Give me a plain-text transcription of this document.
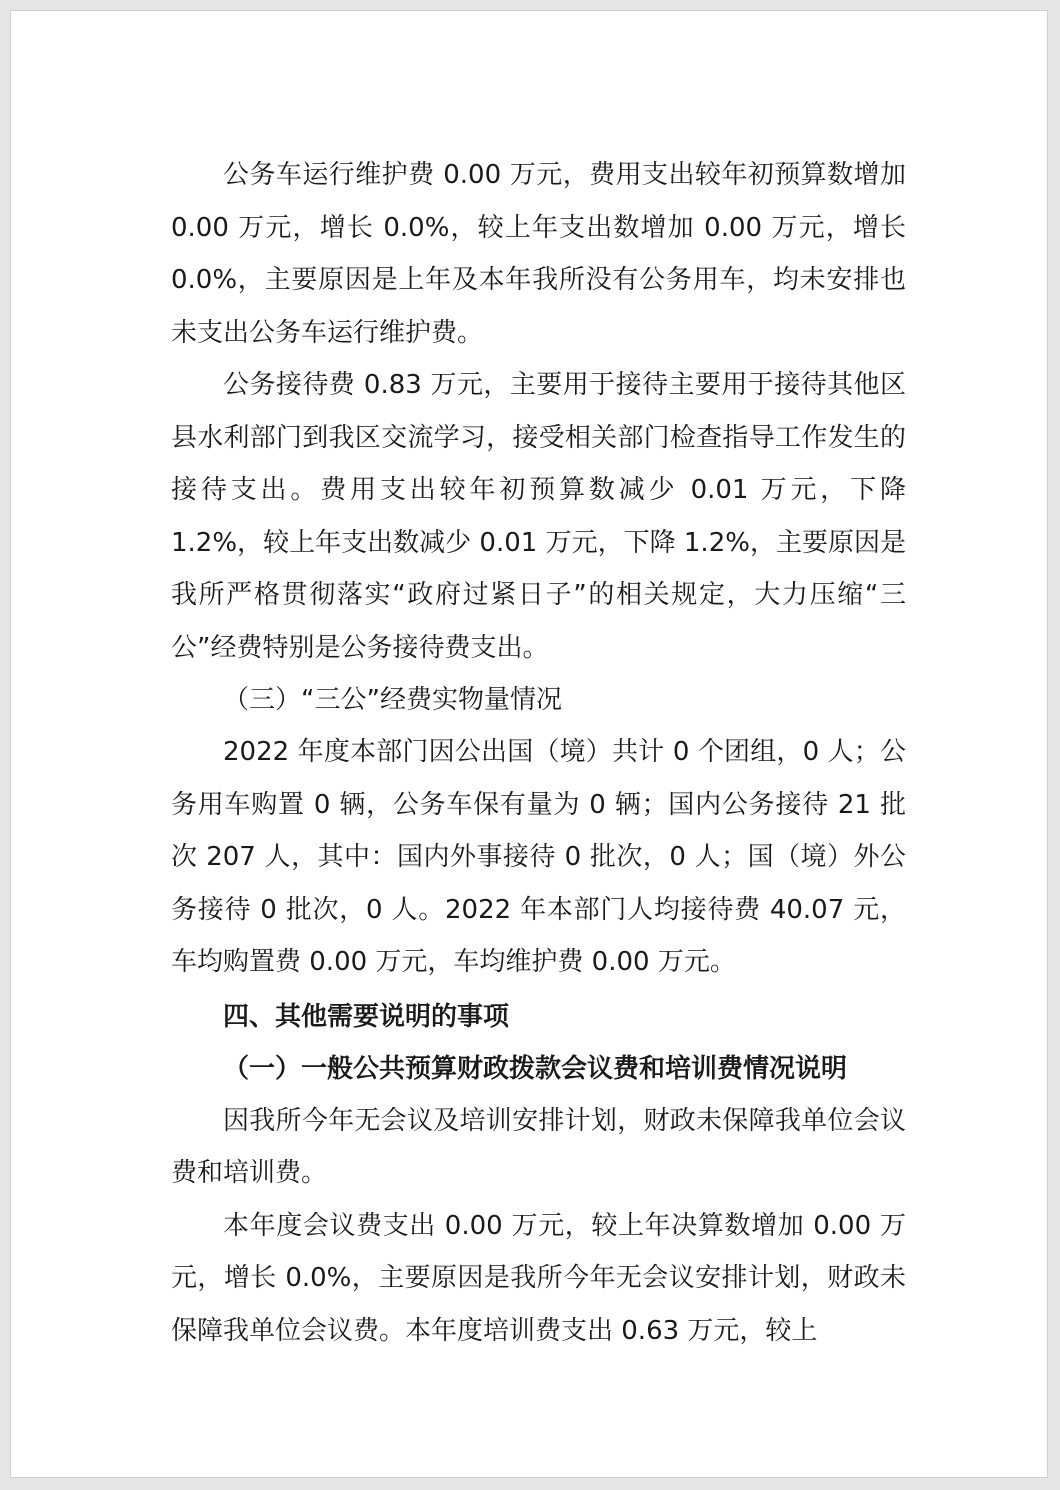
公务车运行维护费 0.00 万元，费用支出较年初预算数增加 0.00 万元，增长 0.0%，较上年支出数增加 0.00 万元，增长 0.0%，主要原因是上年及本年我所没有公务用车，均未安排也未支出公务车运行维护费。

公务接待费 0.83 万元，主要用于接待主要用于接待其他区县水利部门到我区交流学习，接受相关部门检查指导工作发生的接待支出。费用支出较年初预算数减少 0.01 万元，下降 1.2%，较上年支出数减少 0.01 万元，下降 1.2%，主要原因是我所严格贯彻落实“政府过紧日子”的相关规定，大力压缩“三公”经费特别是公务接待费支出。

（三）“三公”经费实物量情况

2022 年度本部门因公出国（境）共计 0 个团组，0 人；公务用车购置 0 辆，公务车保有量为 0 辆；国内公务接待 21 批次 207 人，其中：国内外事接待 0 批次，0 人；国（境）外公务接待 0 批次，0 人。2022 年本部门人均接待费 40.07 元，车均购置费 0.00 万元，车均维护费 0.00 万元。

四、其他需要说明的事项

（一）一般公共预算财政拨款会议费和培训费情况说明

因我所今年无会议及培训安排计划，财政未保障我单位会议费和培训费。

本年度会议费支出 0.00 万元，较上年决算数增加 0.00 万元，增长 0.0%，主要原因是我所今年无会议安排计划，财政未保障我单位会议费。本年度培训费支出 0.63 万元，较上
